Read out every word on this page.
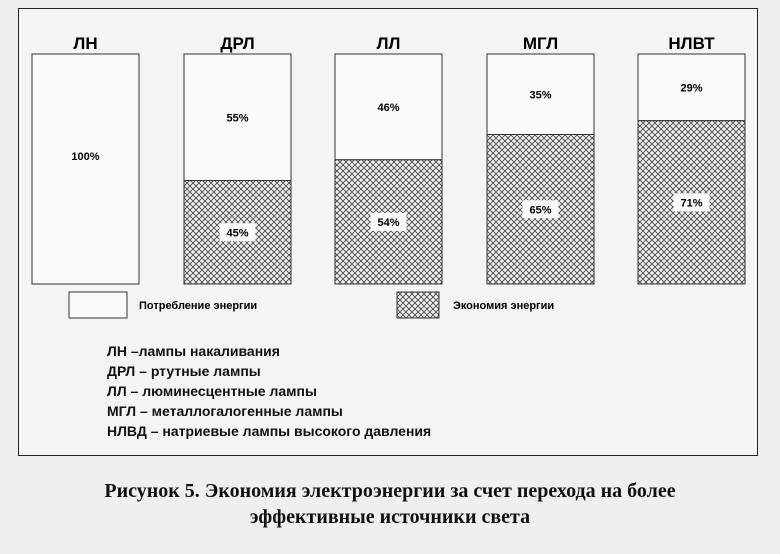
ЛН
100%
ДРЛ
45%
55%
ЛЛ
54%
46%
МГЛ
65%
35%
НЛВТ
71%
29%
Потребление энергии	Экономия энергии
ЛН –лампы накаливания
ДРЛ – ртутные лампы
ЛЛ – люминесцентные лампы
МГЛ – металлогалогенные лампы
НЛВД – натриевые лампы высокого давления
Рисунок 5. Экономия электроэнергии за счет перехода на более
эффективные источники света
